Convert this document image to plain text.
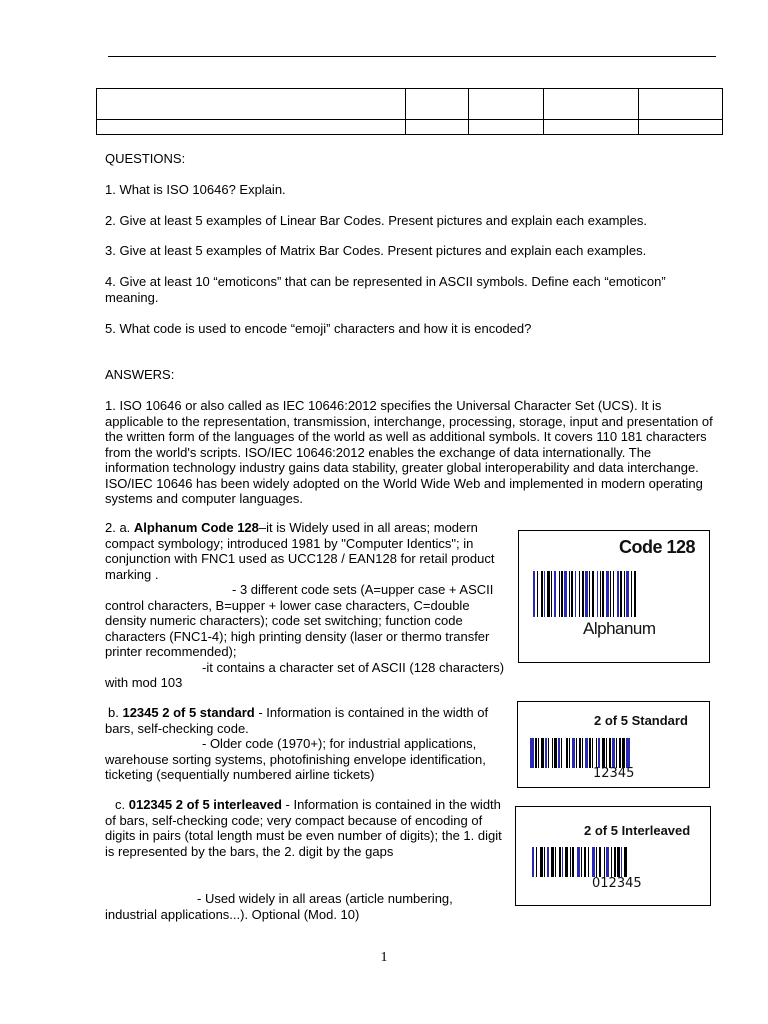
QUESTIONS:
1. What is ISO 10646? Explain.
2. Give at least 5 examples of Linear Bar Codes. Present pictures and explain each examples.
3. Give at least 5 examples of Matrix Bar Codes. Present pictures and explain each examples.
4. Give at least 10 “emoticons” that can be represented in ASCII symbols. Define each “emoticon” meaning.
5. What code is used to encode “emoji” characters and how it is encoded?
ANSWERS:
1. ISO 10646 or also called as IEC 10646:2012 specifies the Universal Character Set (UCS). It is applicable to the representation, transmission, interchange, processing, storage, input and presentation of the written form of the languages of the world as well as additional symbols. It covers 110 181 characters from the world's scripts. ISO/IEC 10646:2012 enables the exchange of data internationally. The information technology industry gains data stability, greater global interoperability and data interchange. ISO/IEC 10646 has been widely adopted on the World Wide Web and implemented in modern operating systems and computer languages.
2. a. Alphanum Code 128–it is Widely used in all areas; modern compact symbology; introduced 1981 by "Computer Identics"; in conjunction with FNC1 used as UCC128 / EAN128 for retail product marking .
- 3 different code sets (A=upper case + ASCII control characters, B=upper + lower case characters, C=double density numeric characters); code set switching; function code characters (FNC1-4); high printing density (laser or thermo transfer printer recommended);
-it contains a character set of ASCII (128 characters) with mod 103
b. 12345 2 of 5 standard - Information is contained in the width of bars, self-checking code.
- Older code (1970+); for industrial applications, warehouse sorting systems, photofinishing envelope identification, ticketing (sequentially numbered airline tickets)
c. 012345 2 of 5 interleaved - Information is contained in the width of bars, self-checking code; very compact because of encoding of digits in pairs (total length must be even number of digits); the 1. digit is represented by the bars, the 2. digit by the gaps
- Used widely in all areas (article numbering, industrial applications...). Optional (Mod. 10)
Code 128
Alphanum
2 of 5 Standard
12345
2 of 5 Interleaved
012345
1
